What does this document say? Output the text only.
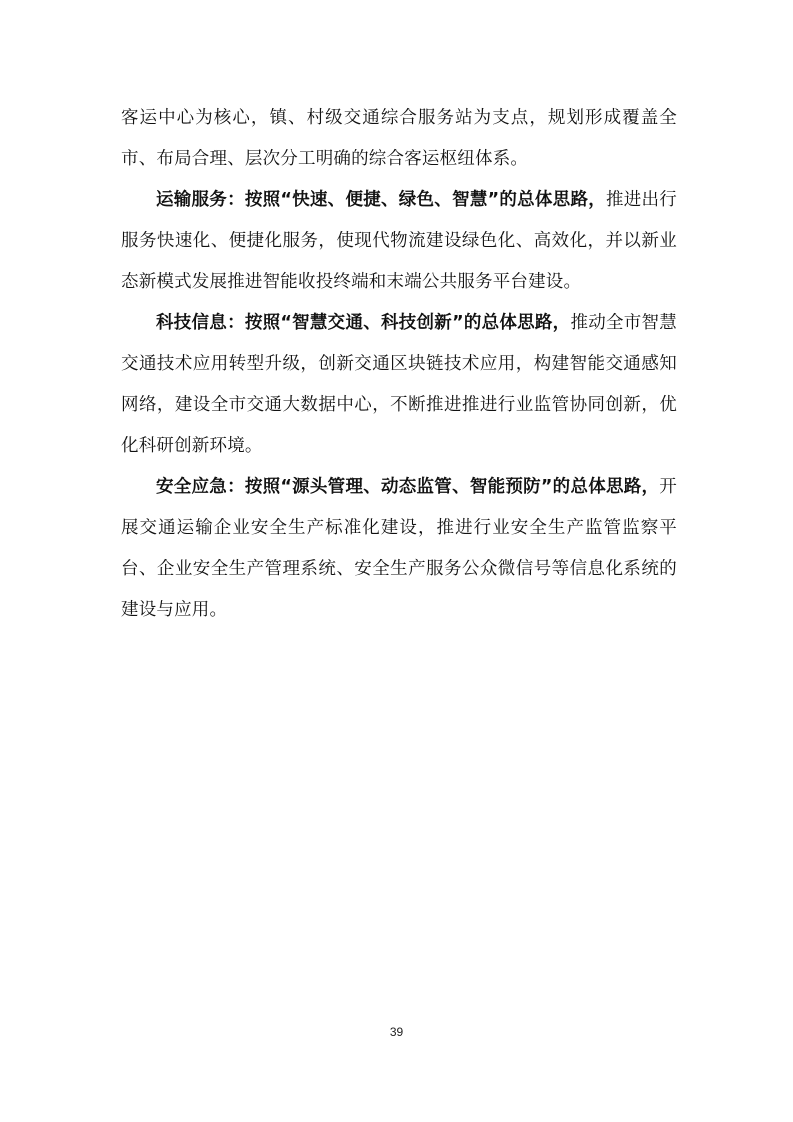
客运中心为核心，镇、村级交通综合服务站为支点，规划形成覆盖全市、布局合理、层次分工明确的综合客运枢纽体系。

运输服务：按照“快速、便捷、绿色、智慧”的总体思路，推进出行服务快速化、便捷化服务，使现代物流建设绿色化、高效化，并以新业态新模式发展推进智能收投终端和末端公共服务平台建设。

科技信息：按照“智慧交通、科技创新”的总体思路，推动全市智慧交通技术应用转型升级，创新交通区块链技术应用，构建智能交通感知网络，建设全市交通大数据中心，不断推进推进行业监管协同创新，优化科研创新环境。

安全应急：按照“源头管理、动态监管、智能预防”的总体思路，开展交通运输企业安全生产标准化建设，推进行业安全生产监管监察平台、企业安全生产管理系统、安全生产服务公众微信号等信息化系统的建设与应用。

39
